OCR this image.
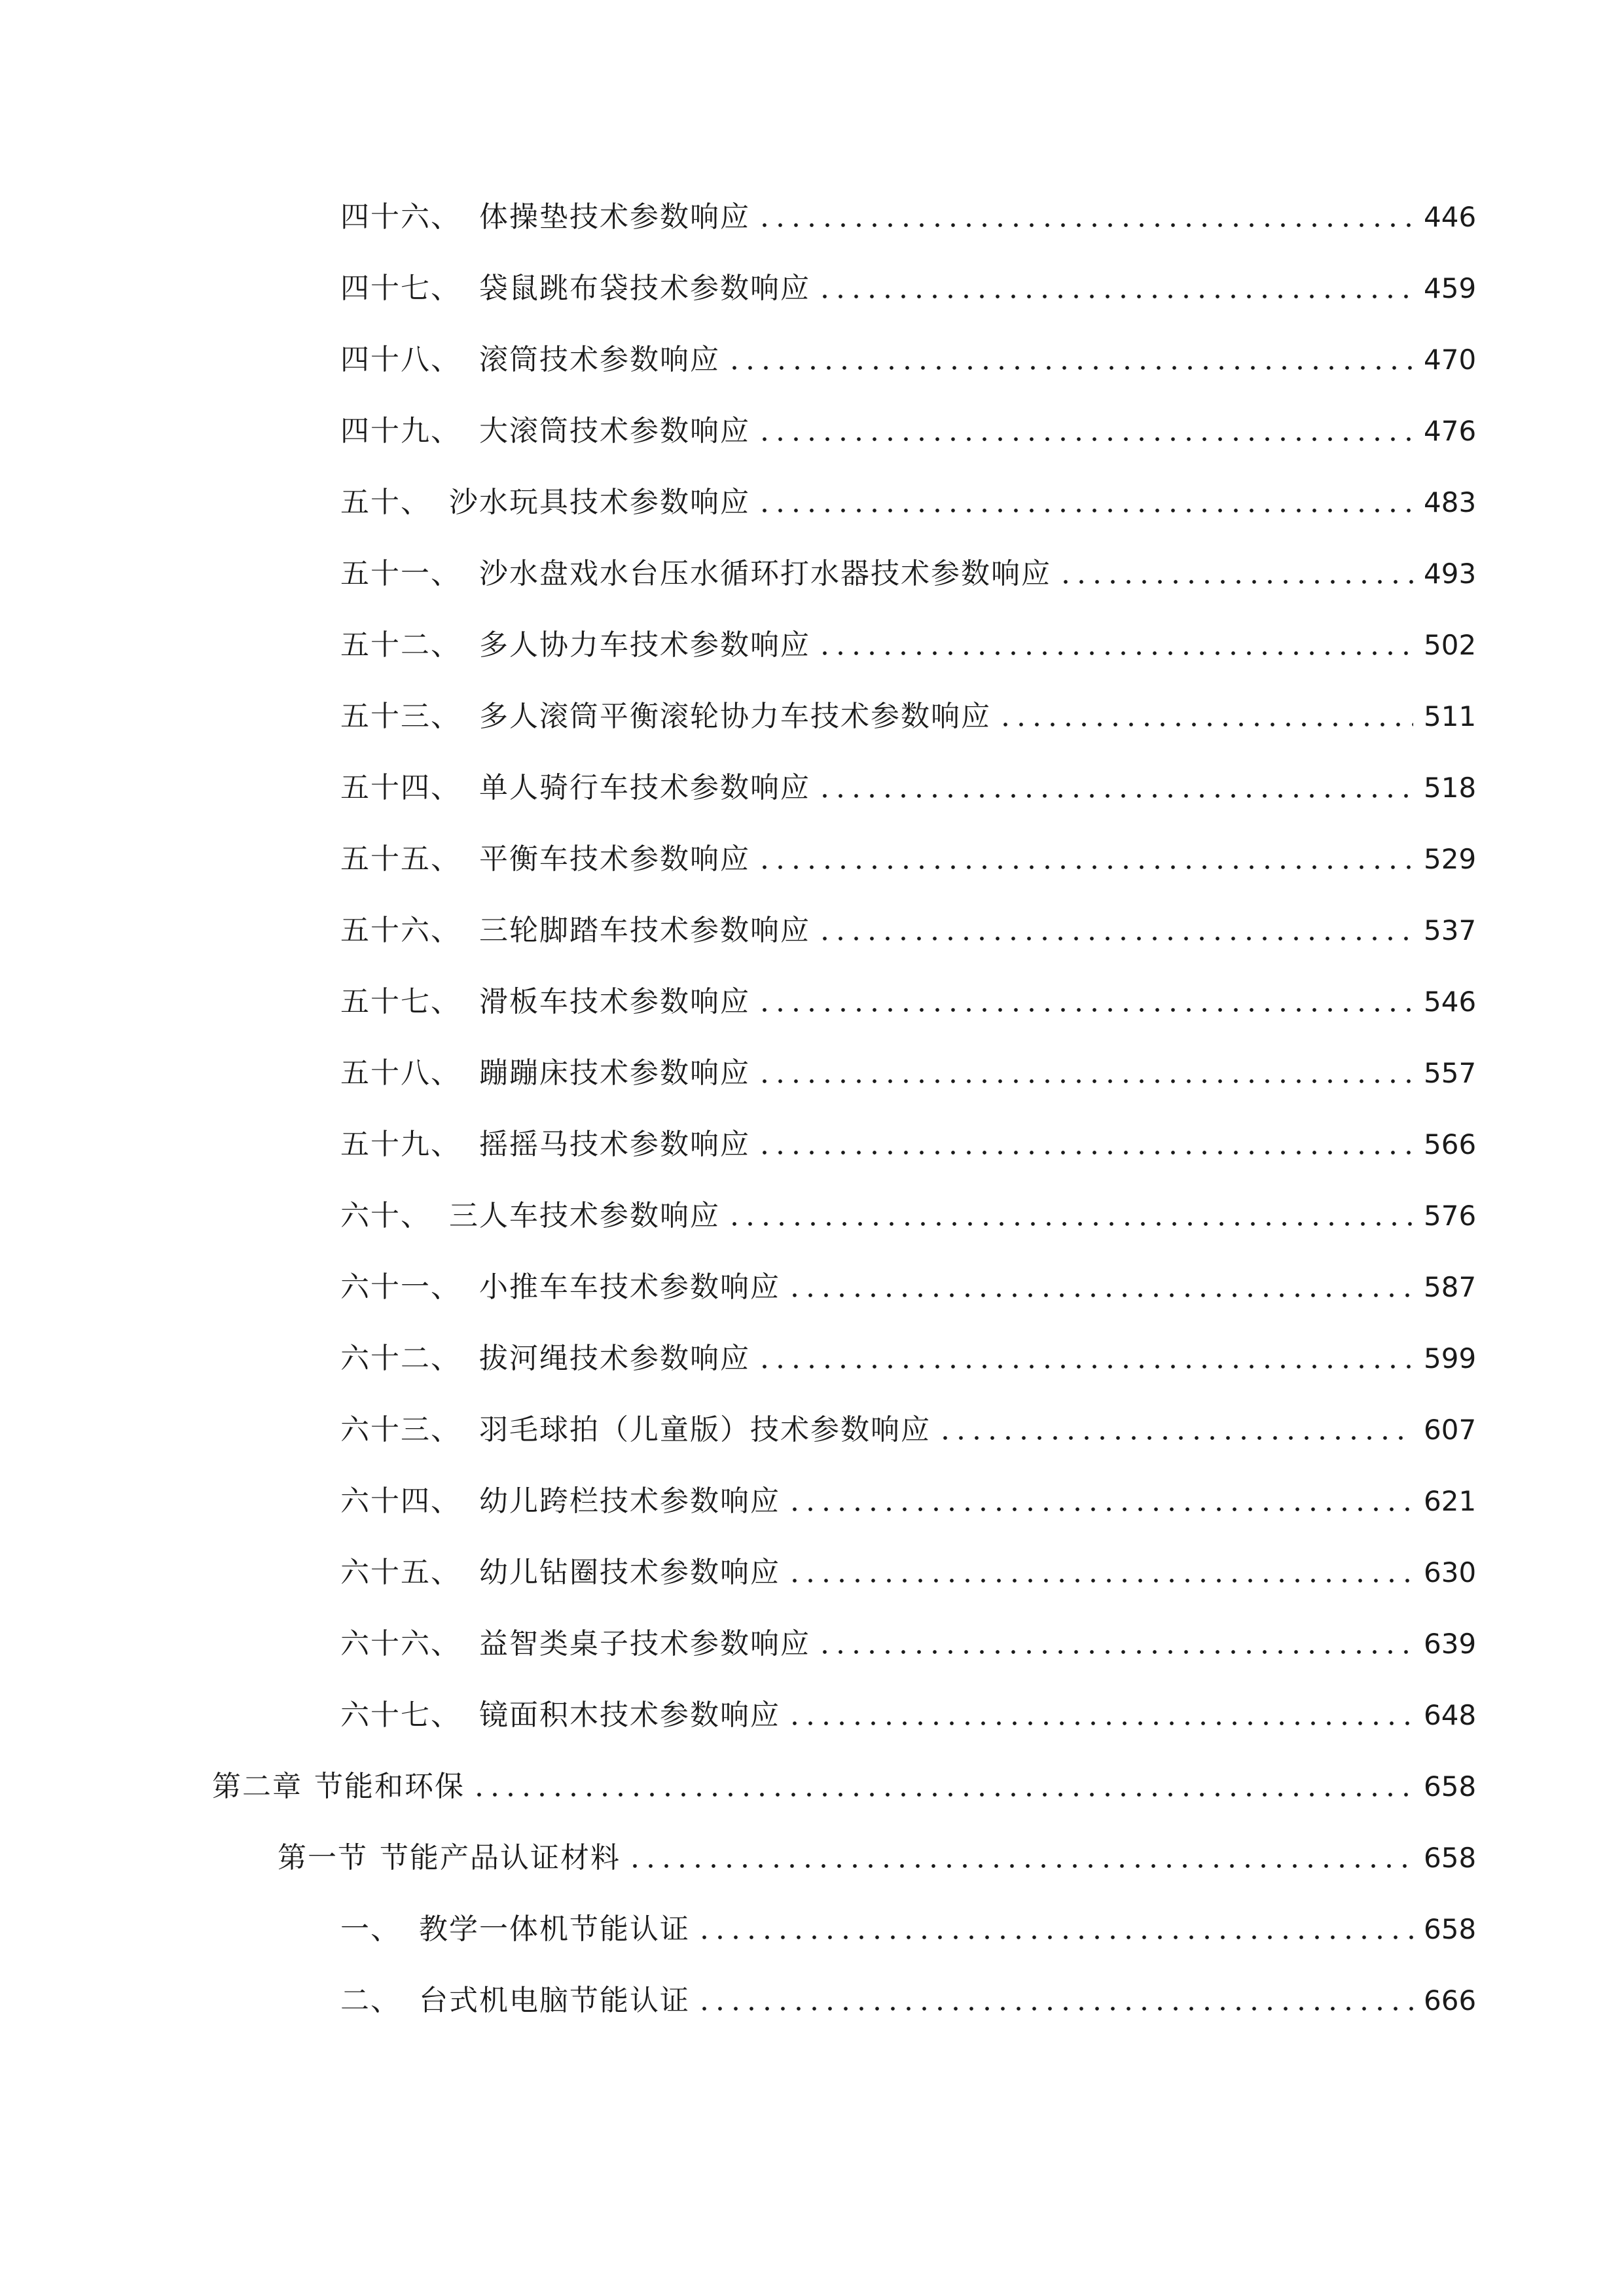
四十六、 体操垫技术参数响应	446
四十七、 袋鼠跳布袋技术参数响应	459
四十八、 滚筒技术参数响应	470
四十九、 大滚筒技术参数响应	476
五十、 沙水玩具技术参数响应	483
五十一、 沙水盘戏水台压水循环打水器技术参数响应	493
五十二、 多人协力车技术参数响应	502
五十三、 多人滚筒平衡滚轮协力车技术参数响应	511
五十四、 单人骑行车技术参数响应	518
五十五、 平衡车技术参数响应	529
五十六、 三轮脚踏车技术参数响应	537
五十七、 滑板车技术参数响应	546
五十八、 蹦蹦床技术参数响应	557
五十九、 摇摇马技术参数响应	566
六十、 三人车技术参数响应	576
六十一、 小推车车技术参数响应	587
六十二、 拔河绳技术参数响应	599
六十三、 羽毛球拍（儿童版）技术参数响应	607
六十四、 幼儿跨栏技术参数响应	621
六十五、 幼儿钻圈技术参数响应	630
六十六、 益智类桌子技术参数响应	639
六十七、 镜面积木技术参数响应	648
第二章 节能和环保	658
第一节 节能产品认证材料	658
一、 教学一体机节能认证	658
二、 台式机电脑节能认证	666
